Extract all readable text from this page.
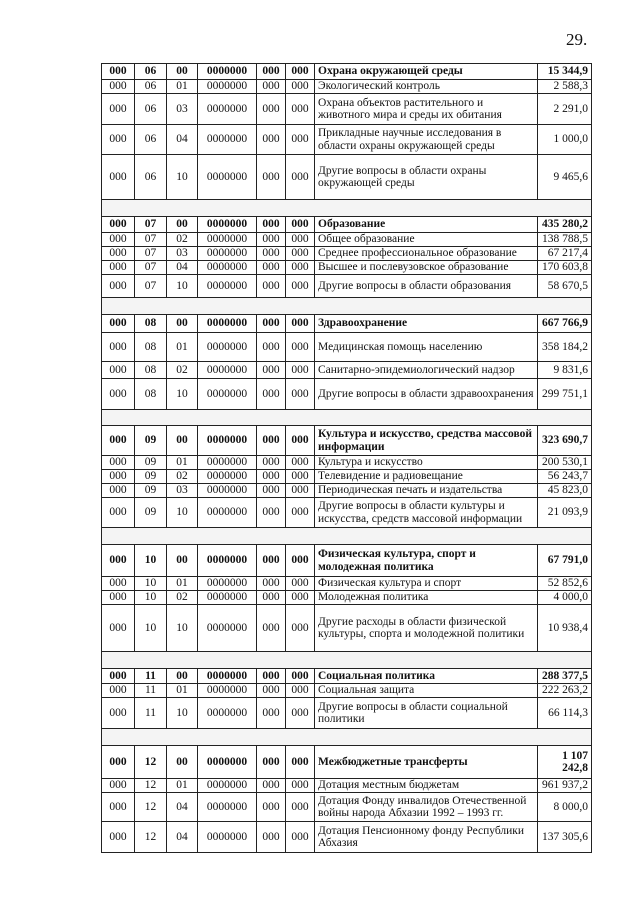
29.
000	06	00	0000000	000	000	Охрана окружающей среды	15 344,9
000	06	01	0000000	000	000	Экологический контроль	2 588,3
000	06	03	0000000	000	000	Охрана объектов растительного и животного мира и среды их обитания	2 291,0
000	06	04	0000000	000	000	Прикладные научные исследования в области охраны окружающей среды	1 000,0
000	06	10	0000000	000	000	Другие вопросы в области охраны окружающей среды	9 465,6

000	07	00	0000000	000	000	Образование	435 280,2
000	07	02	0000000	000	000	Общее образование	138 788,5
000	07	03	0000000	000	000	Среднее профессиональное образование	67 217,4
000	07	04	0000000	000	000	Высшее и послевузовское образование	170 603,8
000	07	10	0000000	000	000	Другие вопросы в области образования	58 670,5

000	08	00	0000000	000	000	Здравоохранение	667 766,9
000	08	01	0000000	000	000	Медицинская помощь населению	358 184,2
000	08	02	0000000	000	000	Санитарно-эпидемиологический надзор	9 831,6
000	08	10	0000000	000	000	Другие вопросы в области здравоохранения	299 751,1

000	09	00	0000000	000	000	Культура и искусство, средства массовой информации	323 690,7
000	09	01	0000000	000	000	Культура и искусство	200 530,1
000	09	02	0000000	000	000	Телевидение и радиовещание	56 243,7
000	09	03	0000000	000	000	Периодическая печать и издательства	45 823,0
000	09	10	0000000	000	000	Другие вопросы в области культуры и искусства, средств массовой информации	21 093,9

000	10	00	0000000	000	000	Физическая культура, спорт и молодежная политика	67 791,0
000	10	01	0000000	000	000	Физическая культура и спорт	52 852,6
000	10	02	0000000	000	000	Молодежная политика	4 000,0
000	10	10	0000000	000	000	Другие расходы в области физической культуры, спорта и молодежной политики	10 938,4

000	11	00	0000000	000	000	Социальная политика	288 377,5
000	11	01	0000000	000	000	Социальная защита	222 263,2
000	11	10	0000000	000	000	Другие вопросы в области социальной политики	66 114,3

000	12	00	0000000	000	000	Межбюджетные трансферты	1 107 242,8
000	12	01	0000000	000	000	Дотация местным бюджетам	961 937,2
000	12	04	0000000	000	000	Дотация Фонду инвалидов Отечественной войны народа Абхазии 1992 – 1993 гг.	8 000,0
000	12	04	0000000	000	000	Дотация Пенсионному фонду Республики Абхазия	137 305,6
